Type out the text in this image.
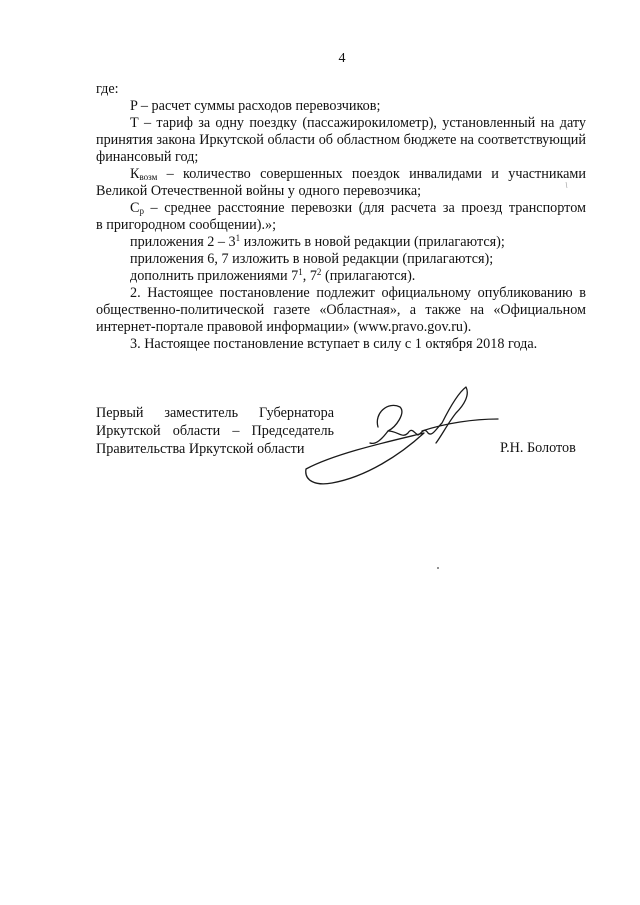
4

где:

P – расчет суммы расходов перевозчиков;

Т – тариф за одну поездку (пассажирокилометр), установленный на дату принятия закона Иркутской области об областном бюджете на соответствующий финансовый год;

$К_{возм}$ – количество совершенных поездок инвалидами и участниками

Великой Отечественной войны у одного перевозчика;

$С_р$ – среднее расстояние перевозки (для расчета за проезд транспортом

в пригородном сообщении).»;

приложения $2 - 3^1$ изложить в новой редакции (прилагаются);

приложения 6, 7 изложить в новой редакции (прилагаются);

дополнить приложениями $7^1$, $7^2$ (прилагаются).

2. Настоящее постановление подлежит официальному опубликованию в общественно-политической газете «Областная», а также на «Официальном интернет-портале правовой информации» (www.pravo.gov.ru).

3. Настоящее постановление вступает в силу с 1 октября 2018 года.

Первый заместитель Губернатора
Иркутской области – Председатель
Правительства Иркутской области	Р.Н. Болотов
